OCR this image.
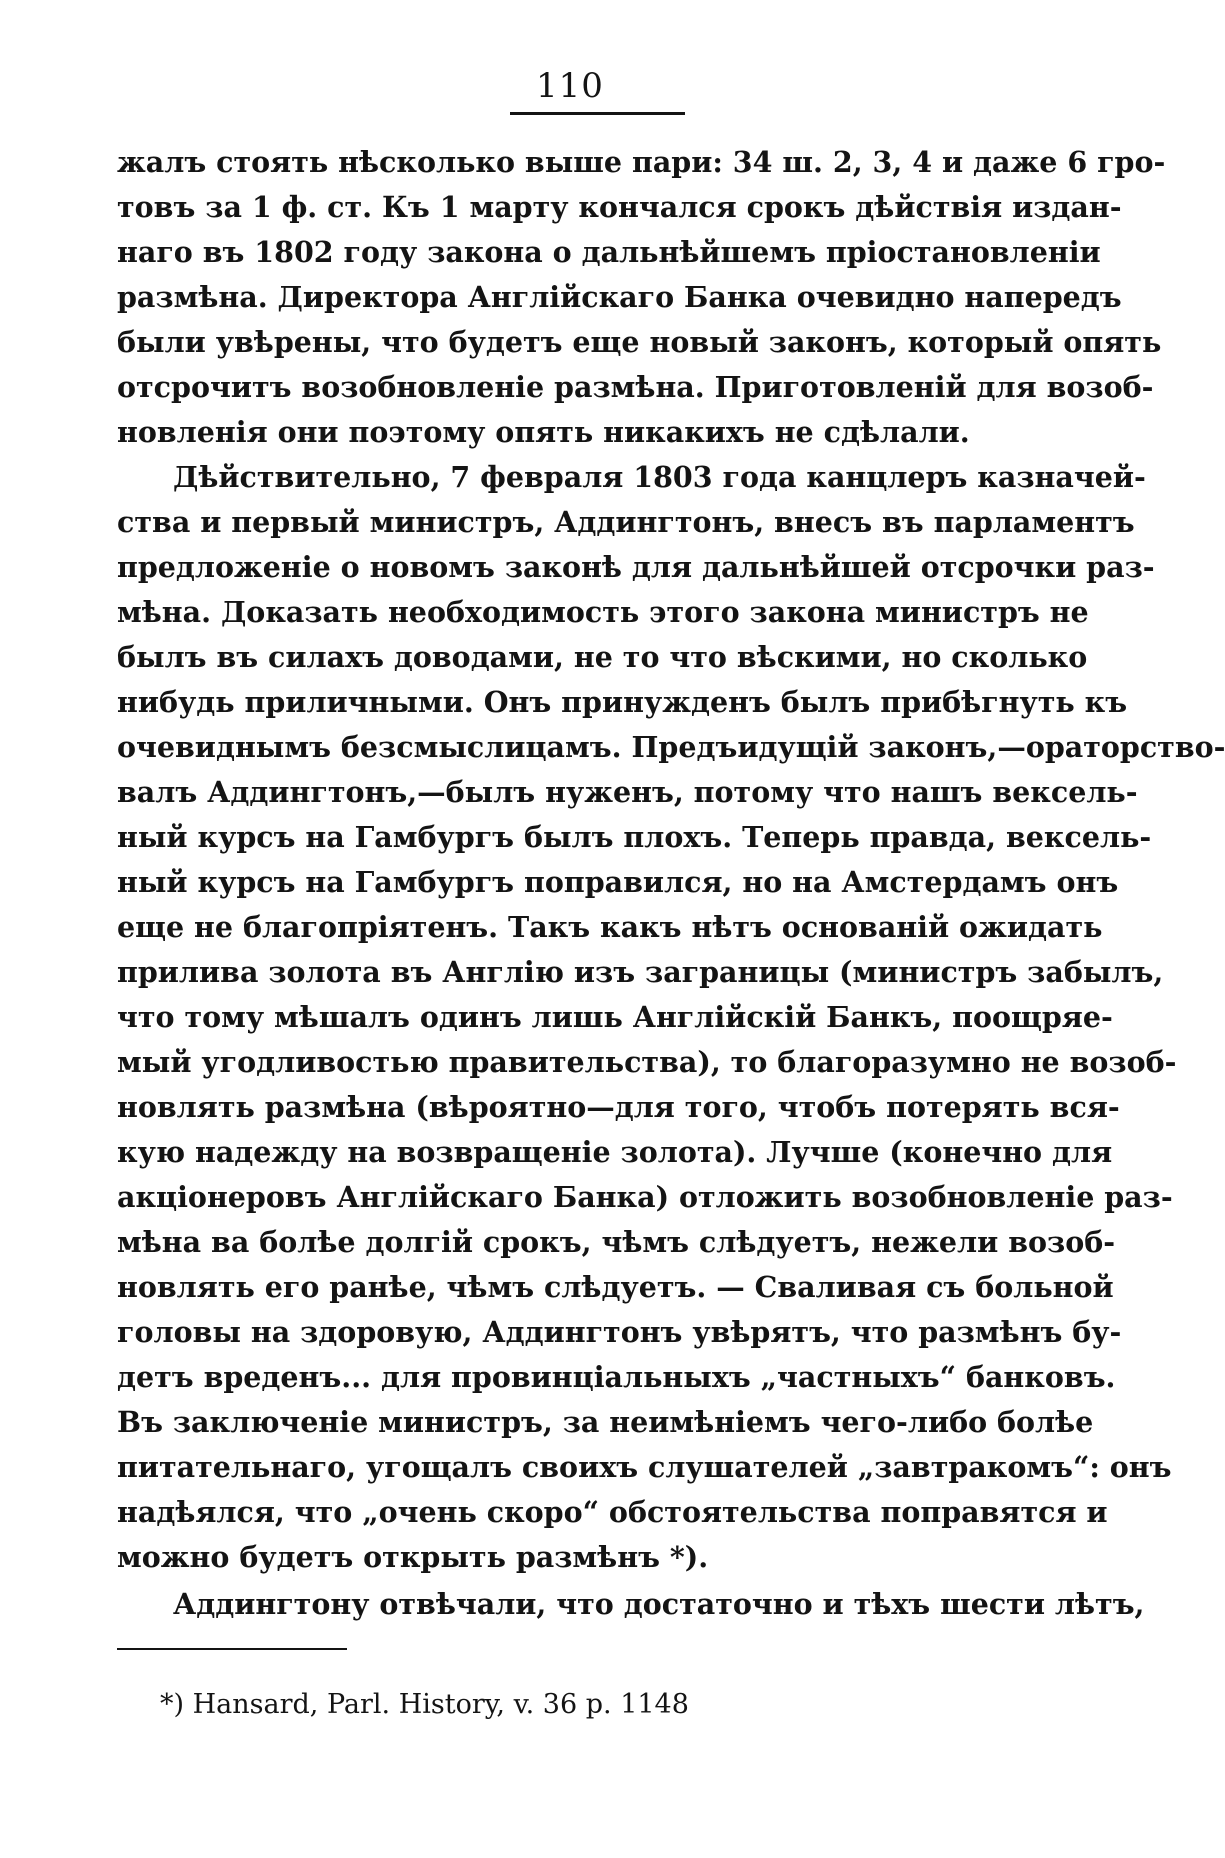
110
жалъ стоять нѣсколько выше пари: 34 ш. 2, 3, 4 и даже 6 гро-
товъ за 1 ф. ст. Къ 1 марту кончался срокъ дѣйствія издан-
наго въ 1802 году закона о дальнѣйшемъ пріостановленіи
размѣна. Директора Англійскаго Банка очевидно напередъ
были увѣрены, что будетъ еще новый законъ, который опять
отсрочитъ возобновленіе размѣна. Приготовленій для возоб-
новленія они поэтому опять никакихъ не сдѣлали.
Дѣйствительно, 7 февраля 1803 года канцлеръ казначей-
ства и первый министръ, Аддингтонъ, внесъ въ парламентъ
предложеніе о новомъ законѣ для дальнѣйшей отсрочки раз-
мѣна. Доказать необходимость этого закона министръ не
былъ въ силахъ доводами, не то что вѣскими, но сколько
нибудь приличными. Онъ принужденъ былъ прибѣгнуть къ
очевиднымъ безсмыслицамъ. Предъидущій законъ,—ораторство-
валъ Аддингтонъ,—былъ нуженъ, потому что нашъ вексель-
ный курсъ на Гамбургъ былъ плохъ. Теперь правда, вексель-
ный курсъ на Гамбургъ поправился, но на Амстердамъ онъ
еще не благопріятенъ. Такъ какъ нѣтъ основаній ожидать
прилива золота въ Англію изъ заграницы (министръ забылъ,
что тому мѣшалъ одинъ лишь Англійскій Банкъ, поощряе-
мый угодливостью правительства), то благоразумно не возоб-
новлять размѣна (вѣроятно—для того, чтобъ потерять вся-
кую надежду на возвращеніе золота). Лучше (конечно для
акціонеровъ Англійскаго Банка) отложить возобновленіе раз-
мѣна ва болѣе долгій срокъ, чѣмъ слѣдуетъ, нежели возоб-
новлять его ранѣе, чѣмъ слѣдуетъ. — Сваливая съ больной
головы на здоровую, Аддингтонъ увѣрятъ, что размѣнъ бу-
детъ вреденъ... для провинціальныхъ „частныхъ“ банковъ.
Въ заключеніе министръ, за неимѣніемъ чего-либо болѣе
питательнаго, угощалъ своихъ слушателей „завтракомъ“: онъ
надѣялся, что „очень скоро“ обстоятельства поправятся и
можно будетъ открыть размѣнъ *).
Аддингтону отвѣчали, что достаточно и тѣхъ шести лѣтъ,
*) Hansard, Parl. History, v. 36 p. 1148
